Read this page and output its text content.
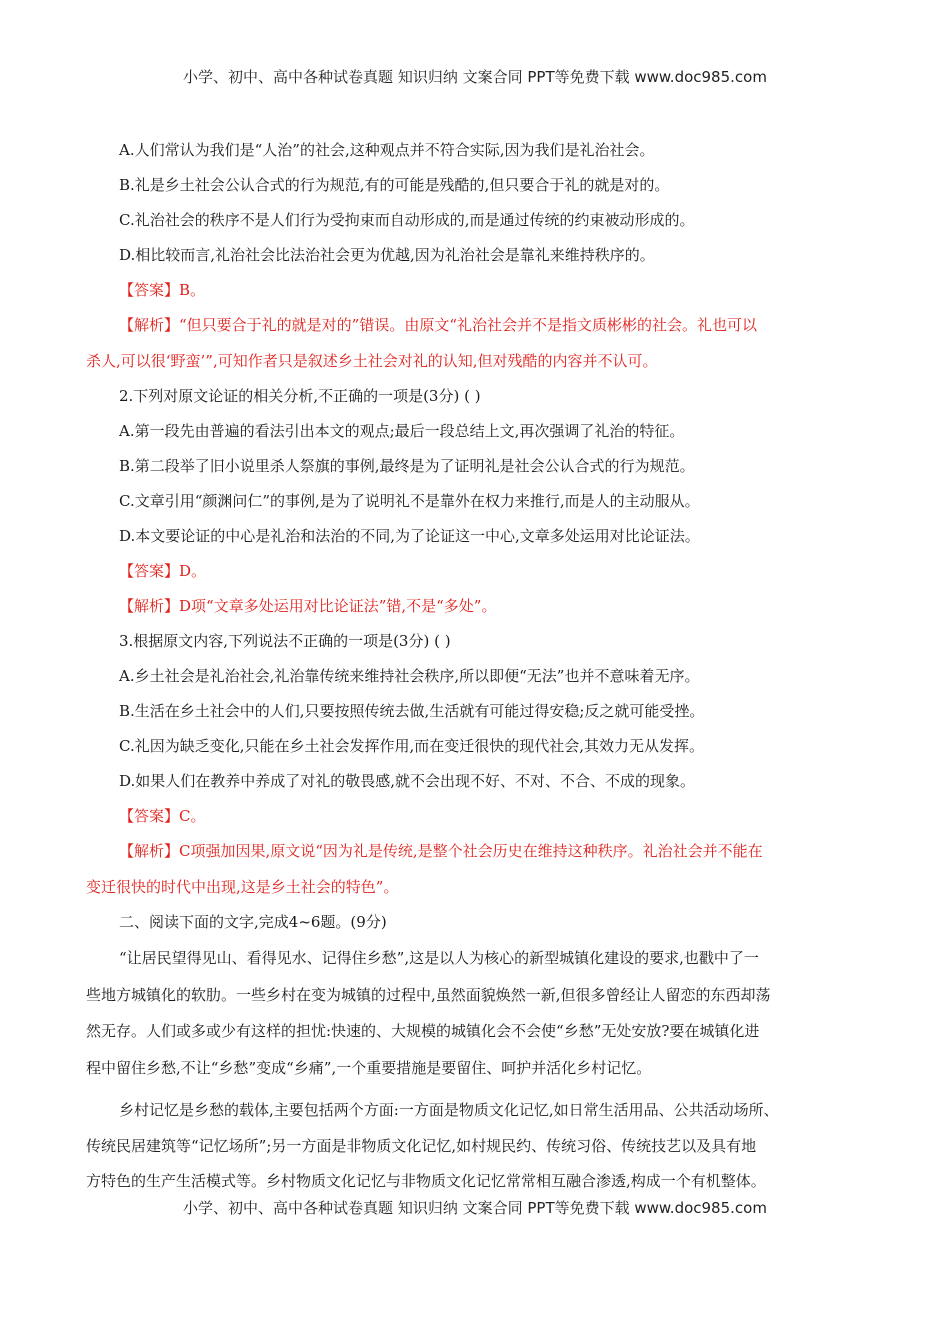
小学、初中、高中各种试卷真题 知识归纳 文案合同 PPT等免费下载 www.doc985.com
A.人们常认为我们是“人治”的社会,这种观点并不符合实际,因为我们是礼治社会。
B.礼是乡土社会公认合式的行为规范,有的可能是残酷的,但只要合于礼的就是对的。
C.礼治社会的秩序不是人们行为受拘束而自动形成的,而是通过传统的约束被动形成的。
D.相比较而言,礼治社会比法治社会更为优越,因为礼治社会是靠礼来维持秩序的。
【答案】B。
【解析】“但只要合于礼的就是对的”错误。由原文“礼治社会并不是指文质彬彬的社会。礼也可以
杀人,可以很‘野蛮’”,可知作者只是叙述乡土社会对礼的认知,但对残酷的内容并不认可。
2.下列对原文论证的相关分析,不正确的一项是(3分) ( )
A.第一段先由普遍的看法引出本文的观点;最后一段总结上文,再次强调了礼治的特征。
B.第二段举了旧小说里杀人祭旗的事例,最终是为了证明礼是社会公认合式的行为规范。
C.文章引用“颜渊问仁”的事例,是为了说明礼不是靠外在权力来推行,而是人的主动服从。
D.本文要论证的中心是礼治和法治的不同,为了论证这一中心,文章多处运用对比论证法。
【答案】D。
【解析】D项“文章多处运用对比论证法”错,不是“多处”。
3.根据原文内容,下列说法不正确的一项是(3分) ( )
A.乡土社会是礼治社会,礼治靠传统来维持社会秩序,所以即便“无法”也并不意味着无序。
B.生活在乡土社会中的人们,只要按照传统去做,生活就有可能过得安稳;反之就可能受挫。
C.礼因为缺乏变化,只能在乡土社会发挥作用,而在变迁很快的现代社会,其效力无从发挥。
D.如果人们在教养中养成了对礼的敬畏感,就不会出现不好、不对、不合、不成的现象。
【答案】C。
【解析】C项强加因果,原文说“因为礼是传统,是整个社会历史在维持这种秩序。礼治社会并不能在
变迁很快的时代中出现,这是乡土社会的特色”。
二、阅读下面的文字,完成4~6题。(9分)
“让居民望得见山、看得见水、记得住乡愁”,这是以人为核心的新型城镇化建设的要求,也戳中了一
些地方城镇化的软肋。一些乡村在变为城镇的过程中,虽然面貌焕然一新,但很多曾经让人留恋的东西却荡
然无存。人们或多或少有这样的担忧:快速的、大规模的城镇化会不会使“乡愁”无处安放?要在城镇化进
程中留住乡愁,不让“乡愁”变成“乡痛”,一个重要措施是要留住、呵护并活化乡村记忆。
乡村记忆是乡愁的载体,主要包括两个方面:一方面是物质文化记忆,如日常生活用品、公共活动场所、
传统民居建筑等“记忆场所”;另一方面是非物质文化记忆,如村规民约、传统习俗、传统技艺以及具有地
方特色的生产生活模式等。乡村物质文化记忆与非物质文化记忆常常相互融合渗透,构成一个有机整体。
小学、初中、高中各种试卷真题 知识归纳 文案合同 PPT等免费下载 www.doc985.com
